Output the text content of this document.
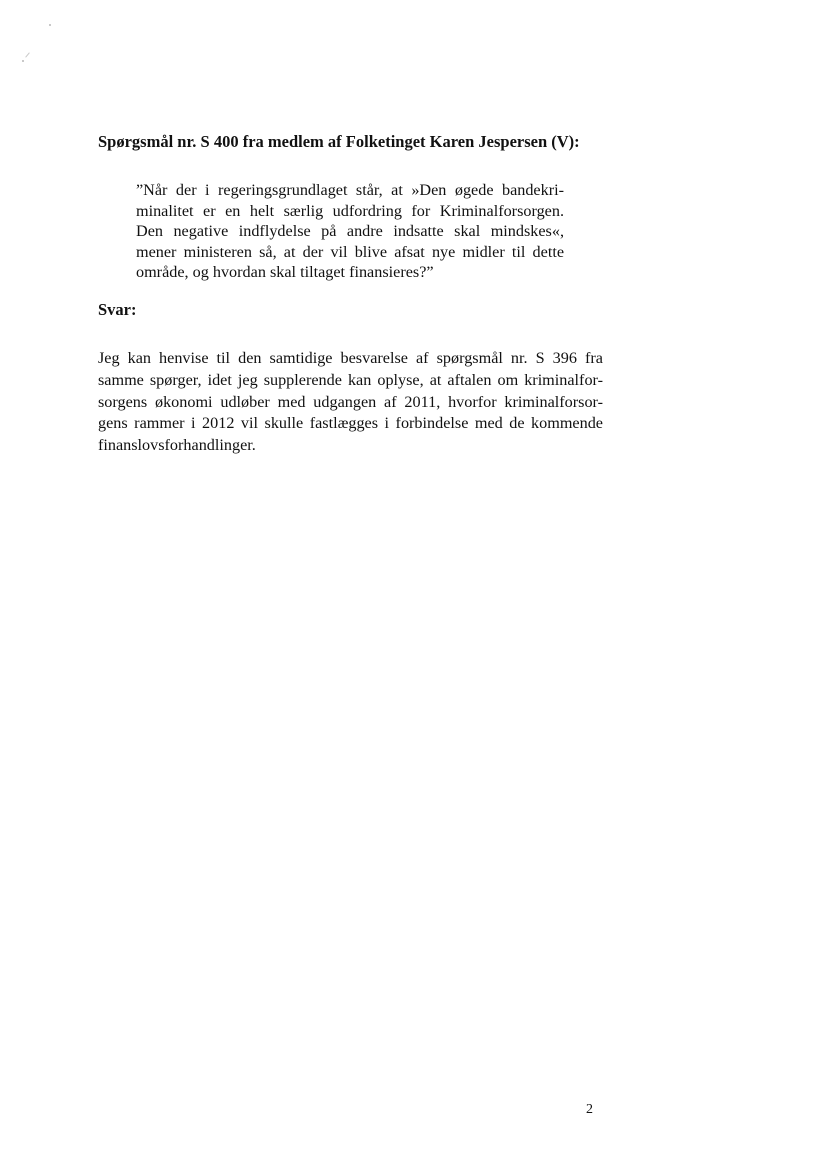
Spørgsmål nr. S 400 fra medlem af Folketinget Karen Jespersen (V):
”Når der i regeringsgrundlaget står, at »Den øgede bandekri-
minalitet er en helt særlig udfordring for Kriminalforsorgen.
Den negative indflydelse på andre indsatte skal mindskes«,
mener ministeren så, at der vil blive afsat nye midler til dette
område, og hvordan skal tiltaget finansieres?”
Svar:
Jeg kan henvise til den samtidige besvarelse af spørgsmål nr. S 396 fra
samme spørger, idet jeg supplerende kan oplyse, at aftalen om kriminalfor-
sorgens økonomi udløber med udgangen af 2011, hvorfor kriminalforsor-
gens rammer i 2012 vil skulle fastlægges i forbindelse med de kommende
finanslovsforhandlinger.
2
